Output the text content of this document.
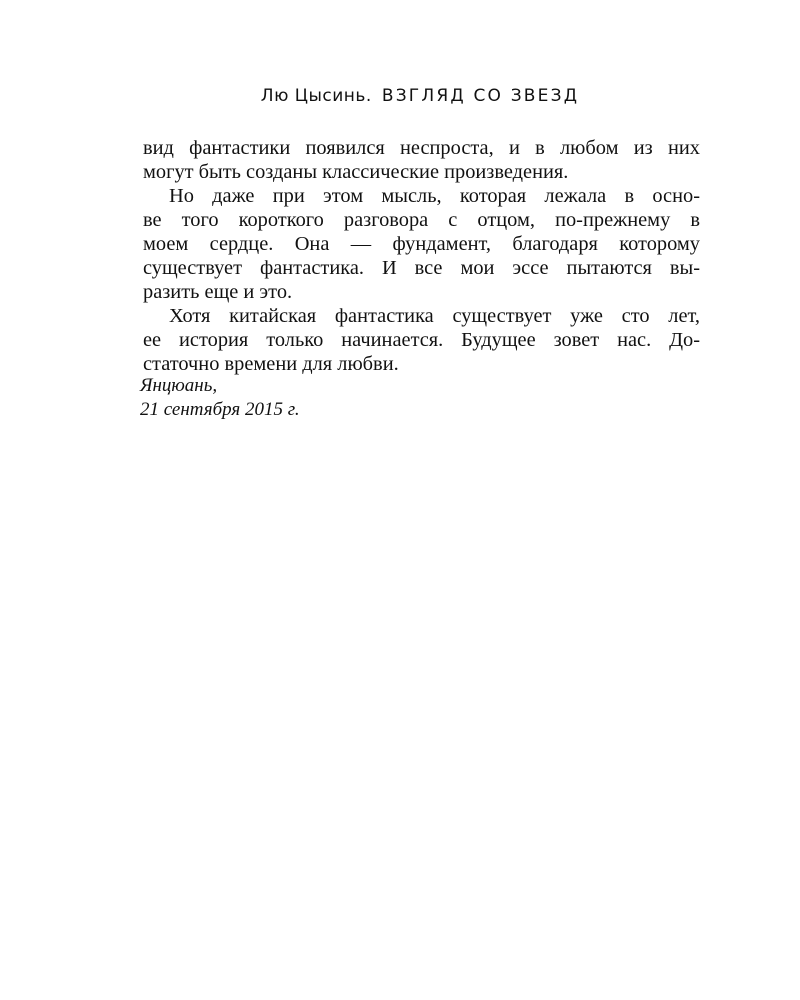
Лю Цысинь. ВЗГЛЯД СО ЗВЕЗД
вид фантастики появился неспроста, и в любом из них
могут быть созданы классические произведения.
Но даже при этом мысль, которая лежала в осно-
ве того короткого разговора с отцом, по-прежнему в
моем сердце. Она — фундамент, благодаря которому
существует фантастика. И все мои эссе пытаются вы-
разить еще и это.
Хотя китайская фантастика существует уже сто лет,
ее история только начинается. Будущее зовет нас. До-
статочно времени для любви.
Янцюань,
21 сентября 2015 г.
